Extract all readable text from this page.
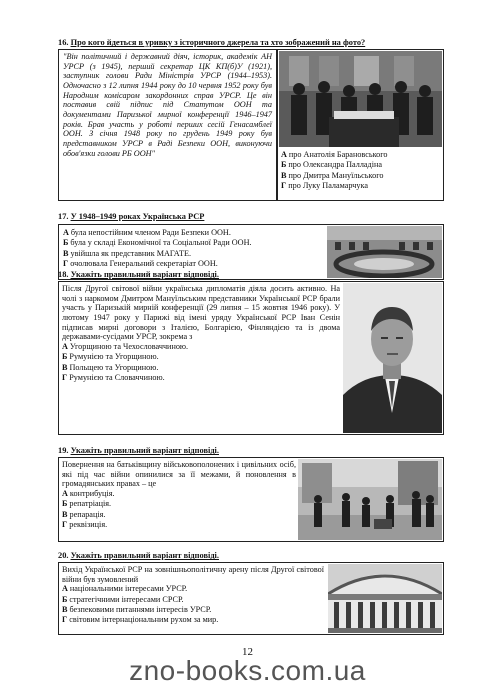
16. Про кого йдеться в уривку з історичного джерела та хто зображений на фото?
"Він політичний і державний діяч, історик, академік АН УРСР (з 1945), перший секретар ЦК КП(б)У (1921), заступник голови Ради Міністрів УРСР (1944–1953). Одночасно з 12 липня 1944 року до 10 червня 1952 року був Народним комісаром закордонних справ УРСР. Це він поставив свій підпис під Статутом ООН та документами Паризької мирної конференції 1946–1947 років. Брав участь у роботі перших сесій Генасамблеї ООН. З січня 1948 року по грудень 1949 року був представником УРСР в Раді Безпеки ООН, виконуючи обов'язки голови РБ ООН"	А про Анатолія Барановського
Б про Олександра Палладіна
В про Дмитра Мануїльського
Г про Луку Паламарчука
17. У 1948–1949 роках Українська РСР
А була непостійним членом Ради Безпеки ООН.
Б була у складі Економічної та Соціальної Ради ООН.
В увійшла як представник МАГАТЕ.
Г очолювала Генеральний секретаріат ООН.
18. Укажіть правильний варіант відповіді.
Після Другої світової війни українська дипломатія діяла досить активно. На чолі з наркомом Дмитром Мануїльським представники Української РСР брали участь у Паризькій мирній конференції (29 липня – 15 жовтня 1946 року). У лютому 1947 року у Парижі від імені уряду Української РСР Іван Сенін підписав мирні договори з Італією, Болгарією, Фінляндією та із двома державами-сусідами УРСР, зокрема з
А Угорщиною та Чехословаччиною.
Б Румунією та Угорщиною.
В Польщею та Угорщиною.
Г Румунією та Словаччиною.
19. Укажіть правильний варіант відповіді.
Повернення на батьківщину військовополонених і цивільних осіб, які під час війни опинилися за її межами, й поновлення в громадянських правах – це
А контрибуція.
Б репатріація.
В репарація.
Г реквізиція.
20. Укажіть правильний варіант відповіді.
Вихід Української РСР на зовнішньополітичну арену після Другої світової війни був зумовлений
А національними інтересами УРСР.
Б стратегічними інтересами СРСР.
В безпековими питаннями інтересів УРСР.
Г світовим інтернаціональним рухом за мир.
12
zno-books.com.ua
